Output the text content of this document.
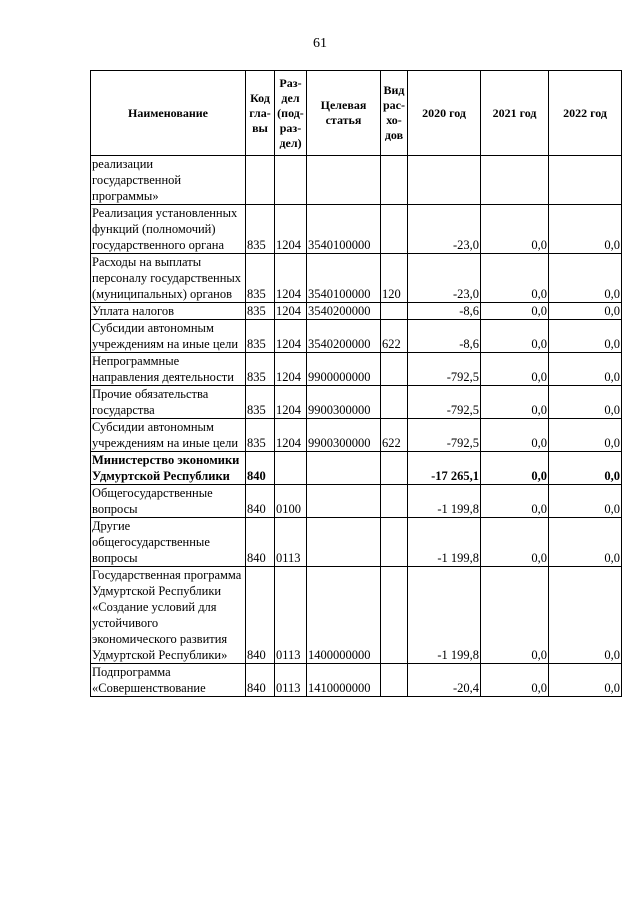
61
Наименование	Код гла-вы	Раз-дел (под-раз-дел)	Целевая статья	Вид рас-хо-дов	2020 год	2021 год	2022 год
реализации государственной программы»							
Реализация установленных функций (полномочий) государственного органа	835	1204	3540100000		-23,0	0,0	0,0
Расходы на выплаты персоналу государственных (муниципальных) органов	835	1204	3540100000	120	-23,0	0,0	0,0
Уплата налогов	835	1204	3540200000		-8,6	0,0	0,0
Субсидии автономным учреждениям на иные цели	835	1204	3540200000	622	-8,6	0,0	0,0
Непрограммные направления деятельности	835	1204	9900000000		-792,5	0,0	0,0
Прочие обязательства государства	835	1204	9900300000		-792,5	0,0	0,0
Субсидии автономным учреждениям на иные цели	835	1204	9900300000	622	-792,5	0,0	0,0
Министерство экономики Удмуртской Республики	840				-17 265,1	0,0	0,0
Общегосударственные вопросы	840	0100			-1 199,8	0,0	0,0
Другие общегосударственные вопросы	840	0113			-1 199,8	0,0	0,0
Государственная программа Удмуртской Республики «Создание условий для устойчивого экономического развития Удмуртской Республики»	840	0113	1400000000		-1 199,8	0,0	0,0
Подпрограмма «Совершенствование	840	0113	1410000000		-20,4	0,0	0,0
